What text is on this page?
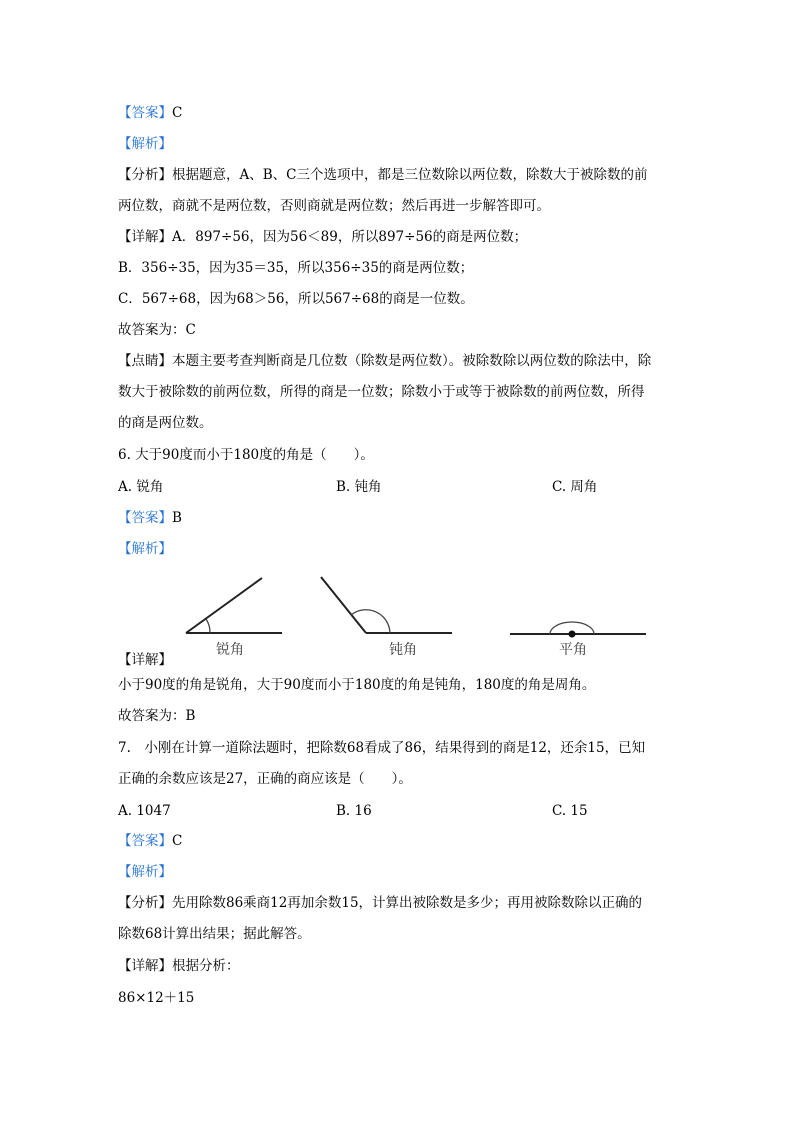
【答案】C
【解析】
【分析】根据题意，A、B、C三个选项中，都是三位数除以两位数，除数大于被除数的前
两位数，商就不是两位数，否则商就是两位数；然后再进一步解答即可。
【详解】A．897÷56，因为56＜89，所以897÷56的商是两位数；
B．356÷35，因为35＝35，所以356÷35的商是两位数；
C．567÷68，因为68＞56，所以567÷68的商是一位数。
故答案为：C
【点睛】本题主要考查判断商是几位数（除数是两位数）。被除数除以两位数的除法中，除
数大于被除数的前两位数，所得的商是一位数；除数小于或等于被除数的前两位数，所得
的商是两位数。
6. 大于90度而小于180度的角是（　　）。
A. 锐角	B. 钝角	C. 周角
【答案】B
【解析】
锐角	钝角	平角
【详解】
小于90度的角是锐角，大于90度而小于180度的角是钝角，180度的角是周角。
故答案为：B
7.　小刚在计算一道除法题时，把除数68看成了86，结果得到的商是12，还余15，已知
正确的余数应该是27，正确的商应该是（　　）。
A. 1047	B. 16	C. 15
【答案】C
【解析】
【分析】先用除数86乘商12再加余数15，计算出被除数是多少；再用被除数除以正确的
除数68计算出结果；据此解答。
【详解】根据分析：
86×12＋15
